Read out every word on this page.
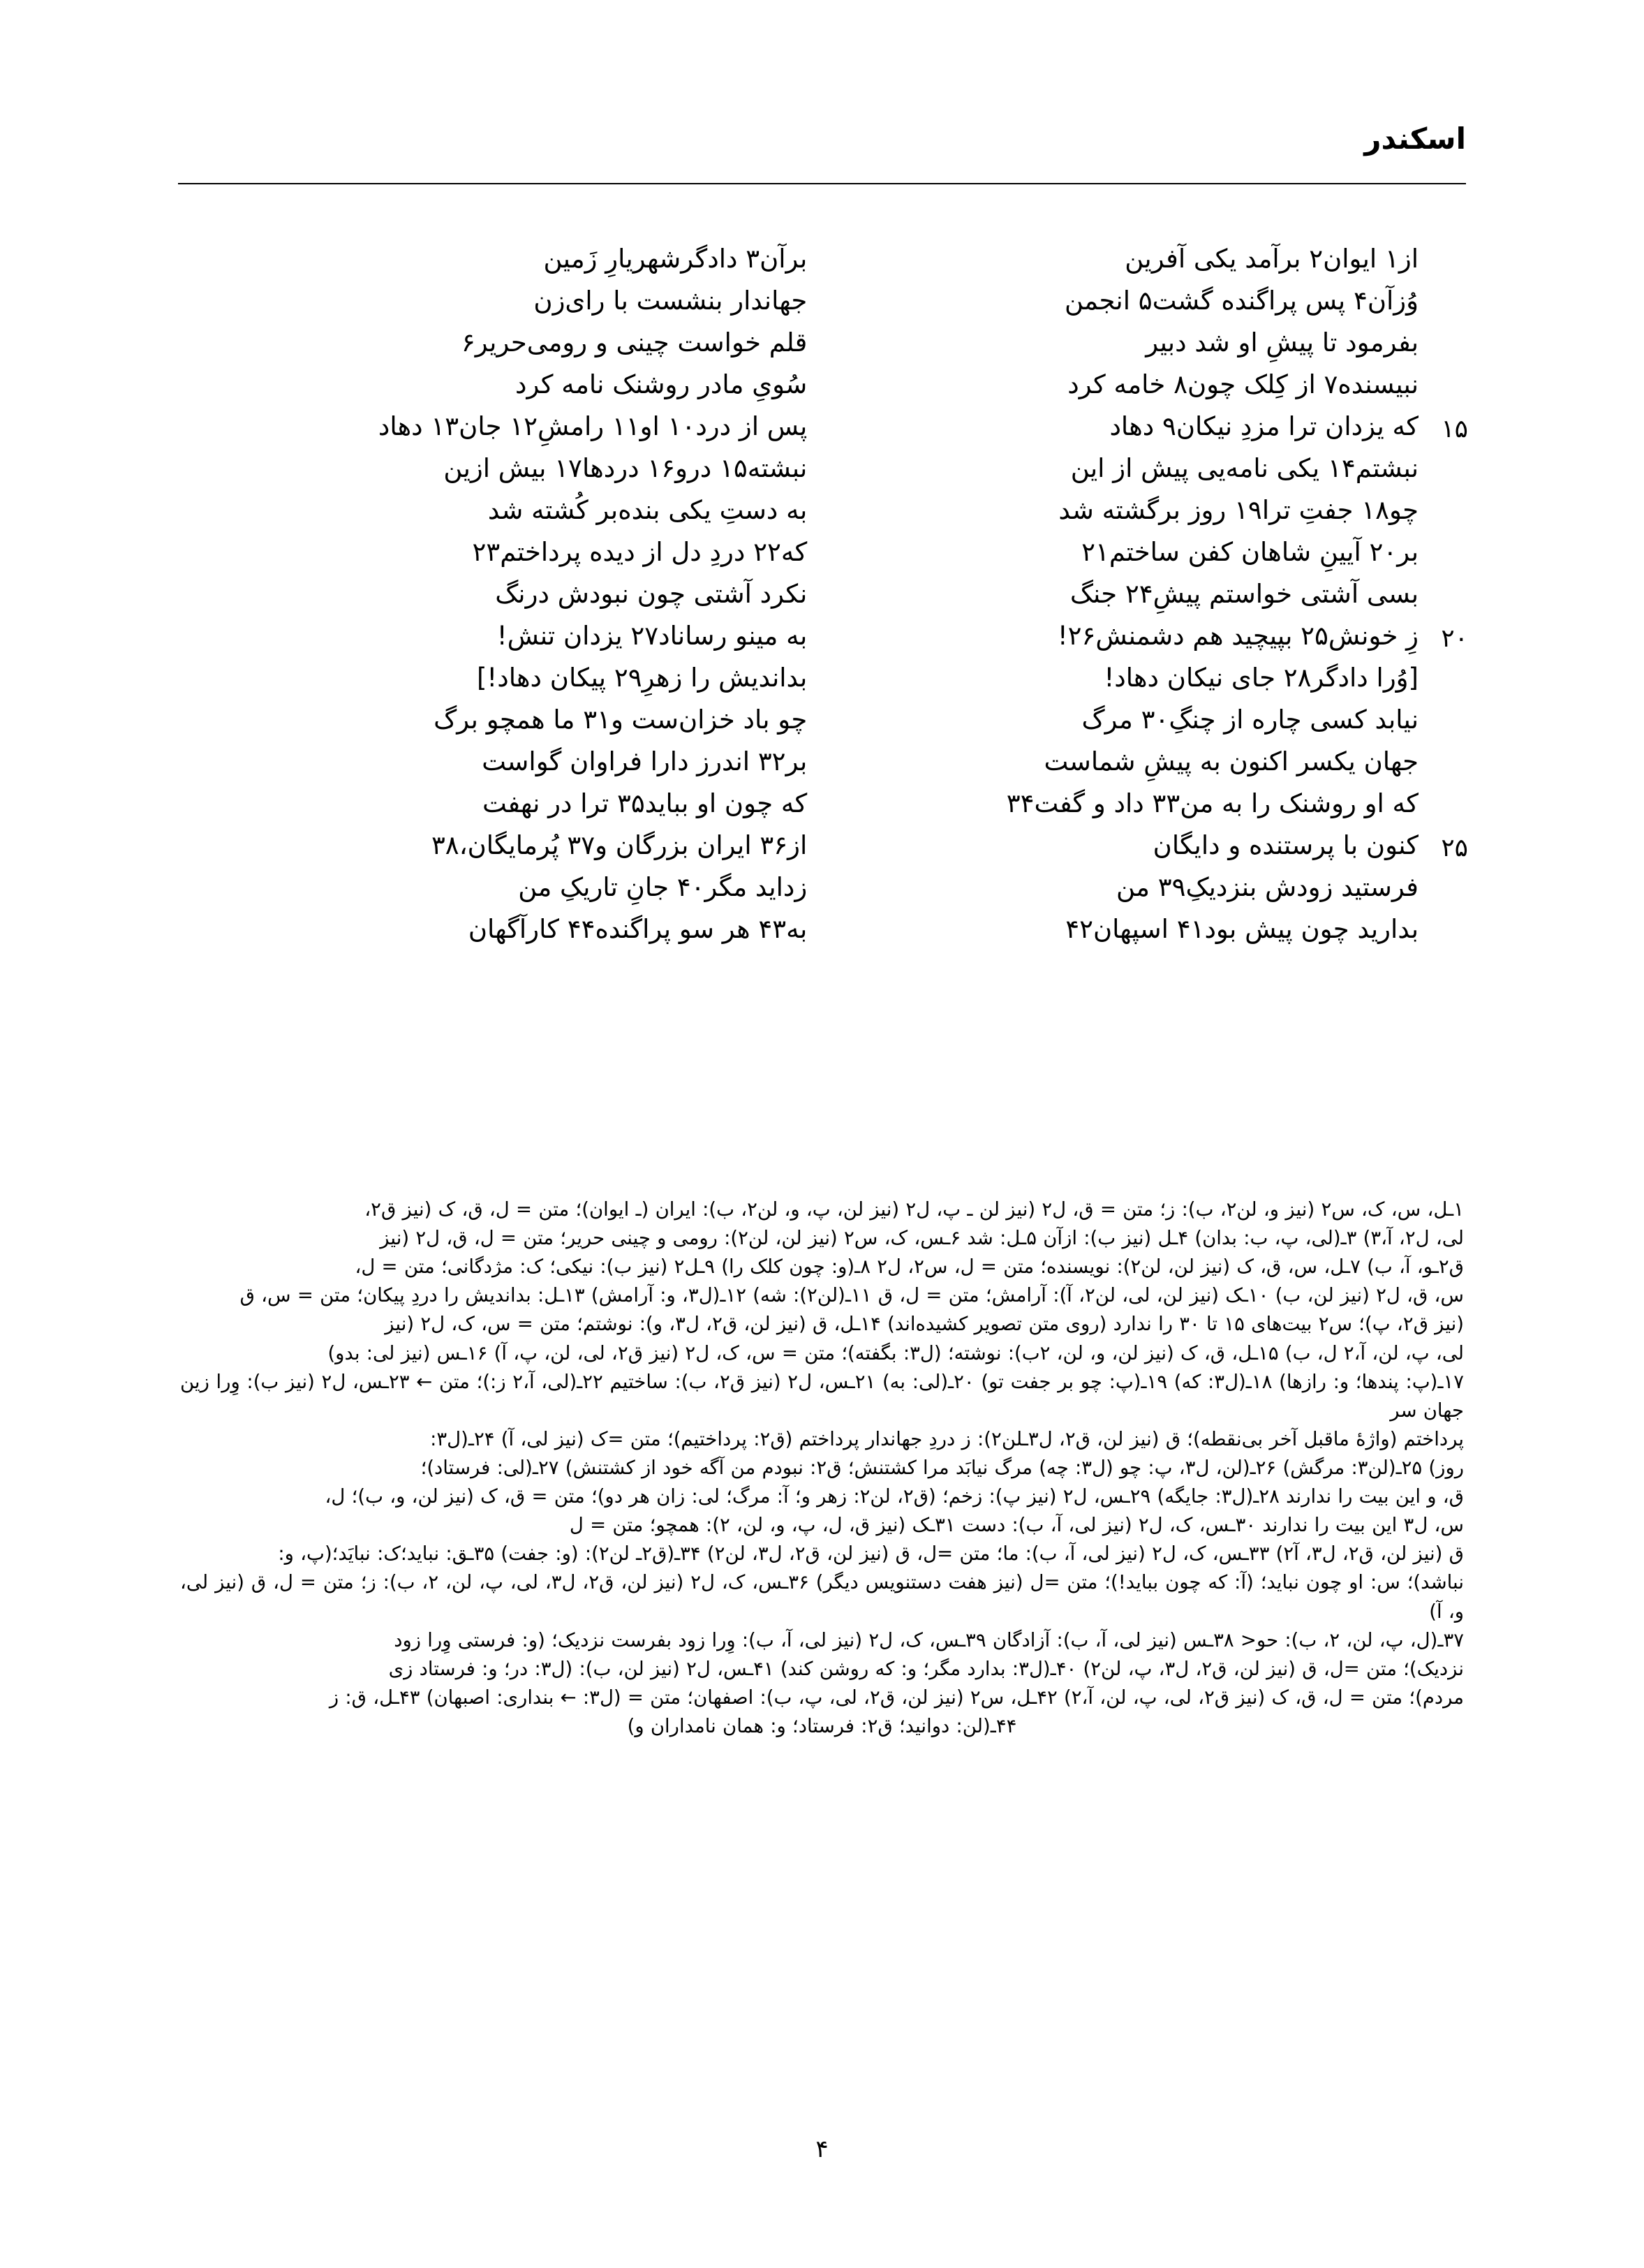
اسکندر
از۱ ایوان۲ برآمد یکی آفرین
برآن۳ دادگرشهریارِ زَمین
وُزآن۴ پس پراگنده گشت۵ انجمن
جهاندار بنشست با رای‌زن
بفرمود تا پیشِ او شد دبیر
قلم خواست چینی و رومی‌حریر۶
نبیسنده۷ از کِلک چون۸ خامه کرد
سُویِ مادر روشنک نامه کرد
۱۵
که یزدان ترا مزدِ نیکان۹ دهاد
پس از درد۱۰ او۱۱ رامشِ۱۲ جان۱۳ دهاد
نبشتم۱۴ یکی نامه‌یی پیش از این
نبشته۱۵ درو۱۶ دردها۱۷ بیش ازین
چو۱۸ جفتِ ترا۱۹ روز برگشته شد
به دستِ یکی بنده‌بر کُشته شد
بر۲۰ آیینِ شاهان کفن ساختم۲۱
که۲۲ دردِ دل از دیده پرداختم۲۳
بسی آشتی خواستم پیشِ۲۴ جنگ
نکرد آشتی چون نبودش درنگ
۲۰
زِ خونش۲۵ بپیچید هم دشمنش۲۶!
به مینو رساناد۲۷ یزدان تنش!
[وُرا دادگر۲۸ جای نیکان دهاد!
بداندیش را زهرِ۲۹ پیکان دهاد!]
نیابد کسی چاره از چنگِ۳۰ مرگ
چو باد خزان‌ست و۳۱ ما همچو برگ
جهان یکسر اکنون به پیشِ شماست
بر۳۲ اندرز دارا فراوان گواست
که او روشنک را به من۳۳ داد و گفت۳۴
که چون او بباید۳۵ ترا در نهفت
۲۵
کنون با پرستنده و دایگان
از۳۶ ایران بزرگان و۳۷ پُرمایگان،۳۸
فرستید زودش بنزدیکِ۳۹ من
زداید مگر۴۰ جانِ تاریکِ من
بدارید چون پیش بود۴۱ اسپهان۴۲
به۴۳ هر سو پراگنده۴۴ کارآگهان

۱ـل، س، ک، س۲ (نیز و، لن۲، ب): ز؛ متن = ق، ل۲ (نیز لن ـ پ، ل۲ (نیز لن، پ، و، لن۲، ب): ایران (ـ ایوان)؛ متن = ل، ق، ک (نیز ق۲،

لی، ل۲، آ،۳) ۳ـ(لی، پ، ب: بدان) ۴ـل (نیز ب): ازآن ۵ـل: شد ۶ـس، ک، س۲ (نیز لن، لن۲): رومی و چینی حریر؛ متن = ل، ق، ل۲ (نیز

ق۲ـو، آ، ب) ۷ـل، س، ق، ک (نیز لن، لن۲): نویسنده؛ متن = ل، س۲، ل۲ ۸ـ(و: چون کلک را) ۹ـل۲ (نیز ب): نیکی؛ ک: مژدگانی؛ متن = ل،

س، ق، ل۲ (نیز لن، ب) ۱۰ـک (نیز لن، لی، لن۲، آ): آرامش؛ متن = ل، ق ۱۱ـ(لن۲): شه) ۱۲ـ(ل۳، و: آرامش) ۱۳ـل: بداندیش را دردِ پیکان؛ متن = س، ق

(نیز ق۲، پ)؛ س۲ بیت‌های ۱۵ تا ۳۰ را ندارد (روی متن تصویر کشیده‌اند) ۱۴ـل، ق (نیز لن، ق۲، ل۳، و): نوشتم؛ متن = س، ک، ل۲ (نیز

لی، پ، لن، آ،۲ ل، ب) ۱۵ـل، ق، ک (نیز لن، و، لن، ۲ب): نوشته؛ (ل۳: بگفته)؛ متن = س، ک، ل۲ (نیز ق۲، لی، لن، پ، آ) ۱۶ـس (نیز لی: بدو)

۱۷ـ(پ: پندها؛ و: رازها) ۱۸ـ(ل۳: که) ۱۹ـ(پ: چو بر جفت تو) ۲۰ـ(لی: به) ۲۱ـس، ل۲ (نیز ق۲، ب): ساختیم ۲۲ـ(لی، آ،۲ ز:)؛ متن ← ۲۳ـس، ل۲ (نیز ب): وِرا زین جهان سر

پرداختم (واژهٔ ماقبل آخر بی‌نقطه)؛ ق (نیز لن، ق۲، ل۳ـلن۲): ز دردِ جهاندار پرداختم (ق۲: پرداختیم)؛ متن =ک (نیز لی، آ) ۲۴ـ(ل۳:

روز) ۲۵ـ(لن۳: مرگش) ۲۶ـ(لن، ل۳، پ: چو (ل۳: چه) مرگ نیابَد مرا کشتنش؛ ق۲: نبودم من آگه خود از کشتنش) ۲۷ـ(لی: فرستاد)؛

ق، و این بیت را ندارند ۲۸ـ(ل۳: جایگه) ۲۹ـس، ل۲ (نیز پ): زخم؛ (ق۲، لن۲: زهر و؛ آ: مرگ؛ لی: زان هر دو)؛ متن = ق، ک (نیز لن، و، ب)؛ ل،

س، ل۳ این بیت را ندارند ۳۰ـس، ک، ل۲ (نیز لی، آ، ب): دست ۳۱ـک (نیز ق، ل، پ، و، لن، ۲): همچو؛ متن = ل

ق (نیز لن، ق۲، ل۳، آ۲) ۳۳ـس، ک، ل۲ (نیز لی، آ، ب): ما؛ متن =ل، ق (نیز لن، ق۲، ل۳، لن۲) ۳۴ـ(ق۲ـ لن۲): (و: جفت) ۳۵ـق: نباید؛ک: نبایَد؛(پ، و:

نباشد)؛ س: او چون نباید؛ (آ: که چون بباید!)؛ متن =ل (نیز هفت دستنویس دیگر) ۳۶ـس، ک، ل۲ (نیز لن، ق۲، ل۳، لی، پ، لن، ۲، ب): ز؛ متن = ل، ق (نیز لی، و، آ)

۳۷ـ(ل، پ، لن، ۲، ب): حو< ۳۸ـس (نیز لی، آ، ب): آزادگان ۳۹ـس، ک، ل۲ (نیز لی، آ، ب): وِرا زود بفرست نزدیک؛ (و: فرستی وِرا زود

نزدیک)؛ متن =ل، ق (نیز لن، ق۲، ل۳، پ، لن۲) ۴۰ـ(ل۳: بدارد مگر؛ و: که روشن کند) ۴۱ـس، ل۲ (نیز لن، ب): (ل۳: در؛ و: فرستاد زی

مردم)؛ متن = ل، ق، ک (نیز ق۲، لی، پ، لن، آ،۲) ۴۲ـل، س۲ (نیز لن، ق۲، لی، پ، ب): اصفهان؛ متن = (ل۳: ← بنداری: اصبهان) ۴۳ـل، ق: ز

۴۴ـ(لن: دوانید؛ ق۲: فرستاد؛ و: همان نامداران و)

۴
